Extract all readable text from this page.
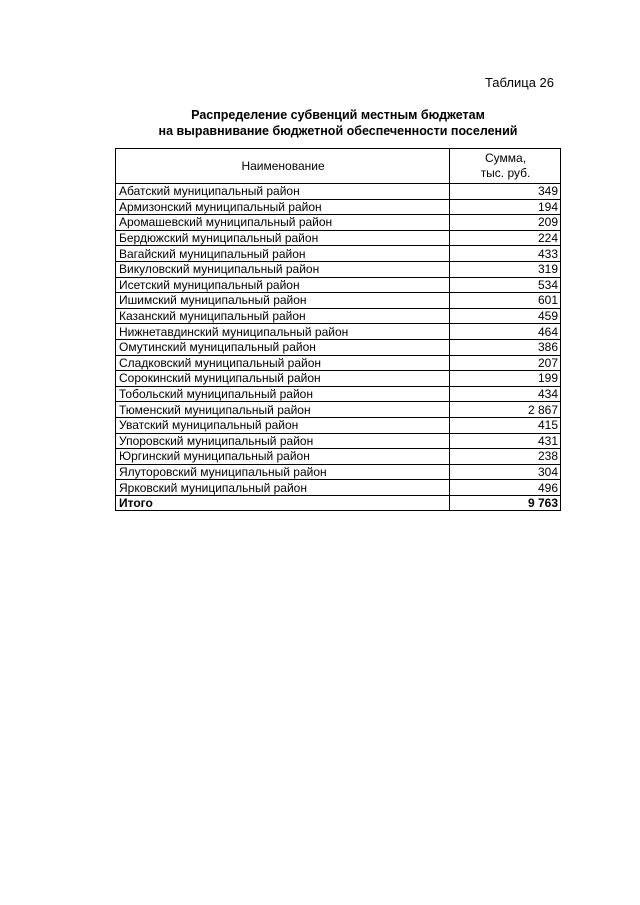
Таблица 26
Распределение субвенций местным бюджетам
на выравнивание бюджетной обеспеченности поселений
Наименование	Сумма,
тыс. руб.

Абатский муниципальный район	349
Армизонский муниципальный район	194
Аромашевский муниципальный район	209
Бердюжский муниципальный район	224
Вагайский муниципальный район	433
Викуловский муниципальный район	319
Исетский муниципальный район	534
Ишимский муниципальный район	601
Казанский муниципальный район	459
Нижнетавдинский муниципальный район	464
Омутинский муниципальный район	386
Сладковский муниципальный район	207
Сорокинский муниципальный район	199
Тобольский муниципальный район	434
Тюменский муниципальный район	2 867
Уватский муниципальный район	415
Упоровский муниципальный район	431
Юргинский муниципальный район	238
Ялуторовский муниципальный район	304
Ярковский муниципальный район	496
Итого	9 763
